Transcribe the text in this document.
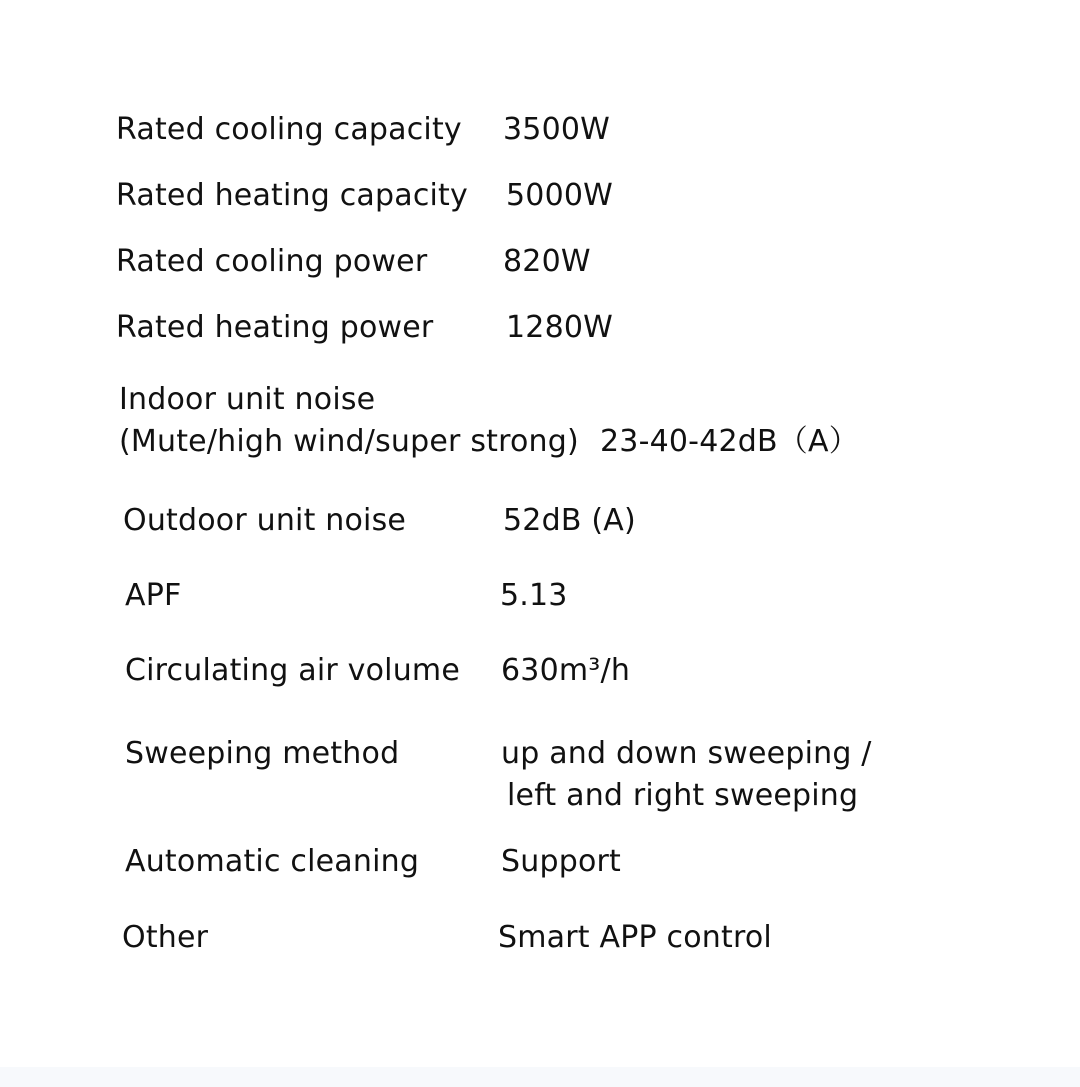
Rated cooling capacity 3500W
Rated heating capacity 5000W
Rated cooling power	820W
Rated heating power 1280W
Indoor unit noise
(Mute/high wind/super strong) 23-40-42dB（A）
Outdoor unit noise	52dB (A)
APF	5.13
Circulating air volume 630m³/h
Sweeping method	up and down sweeping /
left and right sweeping
Automatic cleaning	Support
Other	Smart APP control
